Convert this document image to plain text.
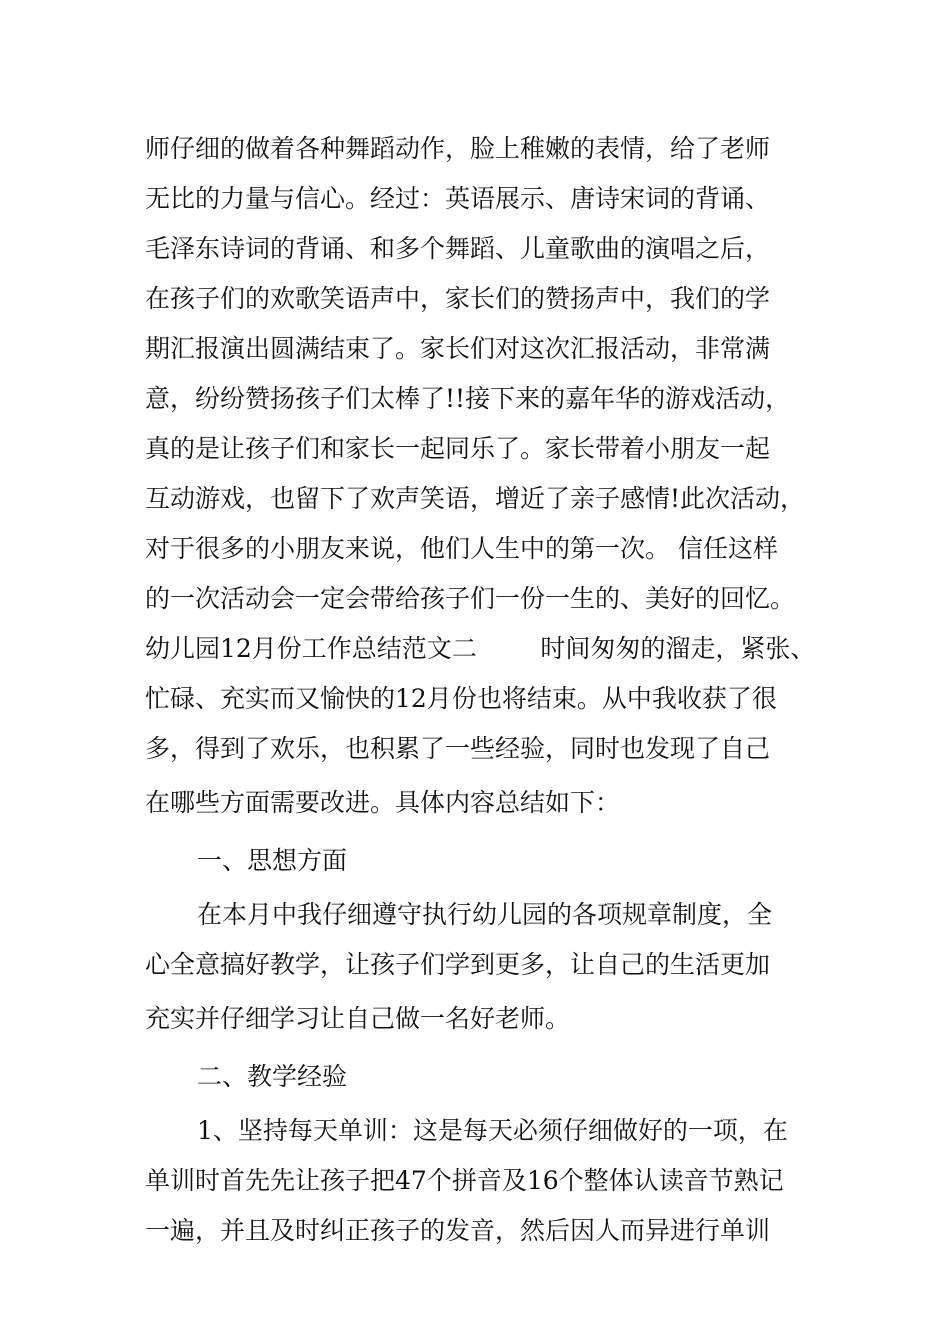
师仔细的做着各种舞蹈动作，脸上稚嫩的表情，给了老师
无比的力量与信心。经过：英语展示、唐诗宋词的背诵、
毛泽东诗词的背诵、和多个舞蹈、儿童歌曲的演唱之后，
在孩子们的欢歌笑语声中，家长们的赞扬声中，我们的学
期汇报演出圆满结束了。家长们对这次汇报活动，非常满
意，纷纷赞扬孩子们太棒了!!接下来的嘉年华的游戏活动，
真的是让孩子们和家长一起同乐了。家长带着小朋友一起
互动游戏，也留下了欢声笑语，增近了亲子感情!此次活动，
对于很多的小朋友来说，他们人生中的第一次。 信任这样
的一次活动会一定会带给孩子们一份一生的、美好的回忆。
幼儿园12月份工作总结范文二        时间匆匆的溜走，紧张、
忙碌、充实而又愉快的12月份也将结束。从中我收获了很
多，得到了欢乐，也积累了一些经验，同时也发现了自己
在哪些方面需要改进。具体内容总结如下：
一、思想方面
在本月中我仔细遵守执行幼儿园的各项规章制度，全
心全意搞好教学，让孩子们学到更多，让自己的生活更加
充实并仔细学习让自己做一名好老师。
二、教学经验
1、坚持每天单训：这是每天必须仔细做好的一项，在
单训时首先先让孩子把47个拼音及16个整体认读音节熟记
一遍，并且及时纠正孩子的发音，然后因人而异进行单训
